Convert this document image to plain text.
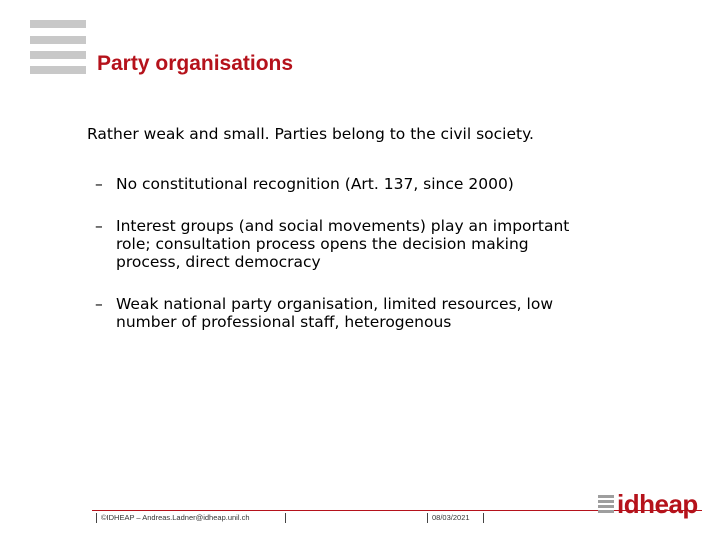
Party organisations
Rather weak and small. Parties belong to the civil society.
– No constitutional recognition (Art. 137, since 2000)
– Interest groups (and social movements) play an important
role; consultation process opens the decision making
process, direct democracy
– Weak national party organisation, limited resources, low
number of professional staff, heterogenous
©IDHEAP – Andreas.Ladner@idheap.unil.ch	08/03/2021	idheap
